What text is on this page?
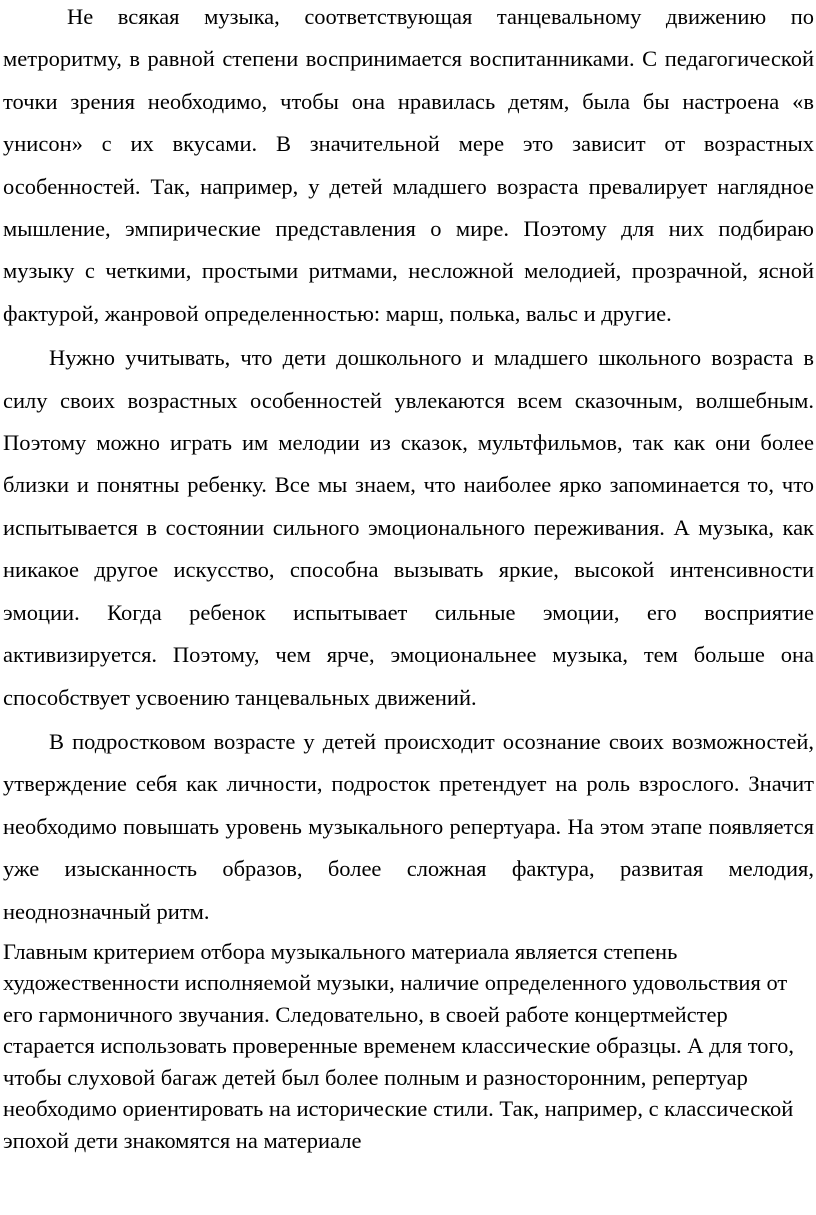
Не всякая музыка, соответствующая танцевальному движению по метроритму, в равной степени воспринимается воспитанниками. С педагогической точки зрения необходимо, чтобы она нравилась детям, была бы настроена «в унисон» с их вкусами. В значительной мере это зависит от возрастных особенностей. Так, например, у детей младшего возраста превалирует наглядное мышление, эмпирические представления о мире. Поэтому для них подбираю музыку с четкими, простыми ритмами, несложной мелодией, прозрачной, ясной фактурой, жанровой определенностью: марш, полька, вальс и другие.

Нужно учитывать, что дети дошкольного и младшего школьного возраста в силу своих возрастных особенностей увлекаются всем сказочным, волшебным. Поэтому можно играть им мелодии из сказок, мультфильмов, так как они более близки и понятны ребенку. Все мы знаем, что наиболее ярко запоминается то, что испытывается в состоянии сильного эмоционального переживания. А музыка, как никакое другое искусство, способна вызывать яркие, высокой интенсивности эмоции. Когда ребенок испытывает сильные эмоции, его восприятие активизируется. Поэтому, чем ярче, эмоциональнее музыка, тем больше она способствует усвоению танцевальных движений.

В подростковом возрасте у детей происходит осознание своих возможностей, утверждение себя как личности, подросток претендует на роль взрослого. Значит необходимо повышать уровень музыкального репертуара. На этом этапе появляется уже изысканность образов, более сложная фактура, развитая мелодия, неоднозначный ритм.

Главным критерием отбора музыкального материала является степень художественности исполняемой музыки, наличие определенного удовольствия от его гармоничного звучания. Следовательно, в своей работе концертмейстер старается использовать проверенные временем классические образцы. А для того, чтобы слуховой багаж детей был более полным и разносторонним, репертуар необходимо ориентировать на исторические стили. Так, например, с классической эпохой дети знакомятся на материале
